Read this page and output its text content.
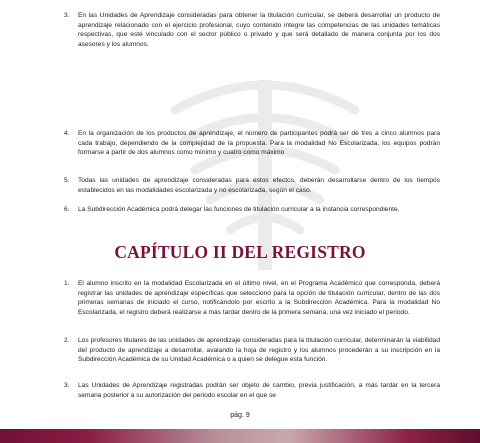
3. En las Unidades de Aprendizaje consideradas para obtener la titulación curricular, se deberá desarrollar un producto de aprendizaje relacionado con el ejercicio profesional, cuyo contenido integre las competencias de las unidades temáticas respectivas, que esté vinculado con el sector público o privado y que será detallado de manera conjunta por los dos asesores y los alumnos.
4. En la organización de los productos de aprendizaje, el número de participantes podrá ser de tres a cinco alumnos para cada trabajo, dependiendo de la complejidad de la propuesta. Para la modalidad No Escolarizada, los equipos podrán formarse a partir de dos alumnos como mínimo y cuatro como máximo
5. Todas las unidades de aprendizaje consideradas para estos efectos, deberán desarrollarse dentro de los tiempos establecidos en las modalidades escolarizada y no escolarizada, según el caso.
6. La Subdirección Académica podrá delegar las funciones de titulación curricular a la instancia correspondiente.
CAPÍTULO II DEL REGISTRO
1. El alumno inscrito en la modalidad Escolarizada en el último nivel, en el Programa Académico que corresponda, deberá registrar las unidades de aprendizaje específicas que seleccionó para la opción de titulación curricular, dentro de las dos primeras semanas de iniciado el curso, notificándolo por escrito a la Subdirección Académica. Para la modalidad No Escolarizada, el registro deberá realizarse a más tardar dentro de la primera semana, una vez iniciado el periodo.
2. Los profesores titulares de las unidades de aprendizaje consideradas para la titulación curricular, determinarán la viabilidad del producto de aprendizaje a desarrollar, avalando la hoja de registro y los alumnos procederán a su inscripción en la Subdirección Académica de su Unidad Académica o a quien se delegue esta función.
3. Las Unidades de Aprendizaje registradas podrán ser objeto de cambio, previa justificación, a más tardar en la tercera semana posterior a su autorización del periodo escolar en el que se
pág. 9
